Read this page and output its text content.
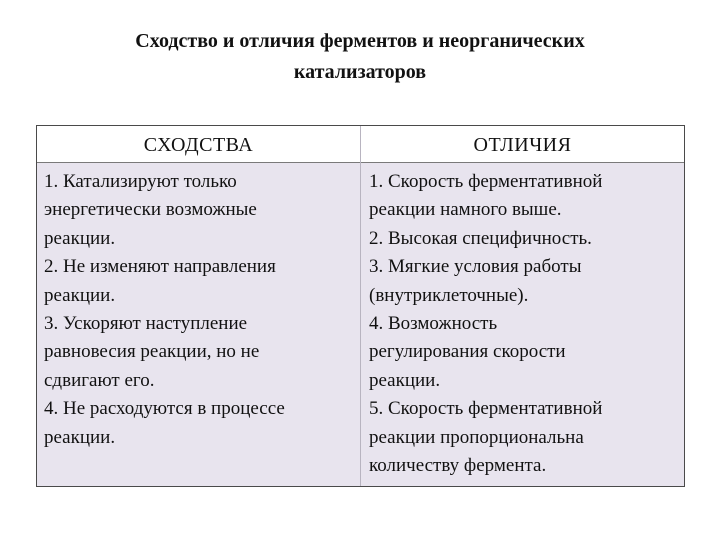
Сходство и отличия ферментов и неорганических
катализаторов
СХОДСТВА	ОТЛИЧИЯ
1. Катализируют только
энергетически возможные
реакции.
2. Не изменяют направления
реакции.
3. Ускоряют наступление
равновесия реакции, но не
сдвигают его.
4. Не расходуются в процессе
реакции.
1. Скорость ферментативной
реакции намного выше.
2. Высокая специфичность.
3. Мягкие условия работы
(внутриклеточные).
4. Возможность
регулирования скорости
реакции.
5. Скорость ферментативной
реакции пропорциональна
количеству фермента.
